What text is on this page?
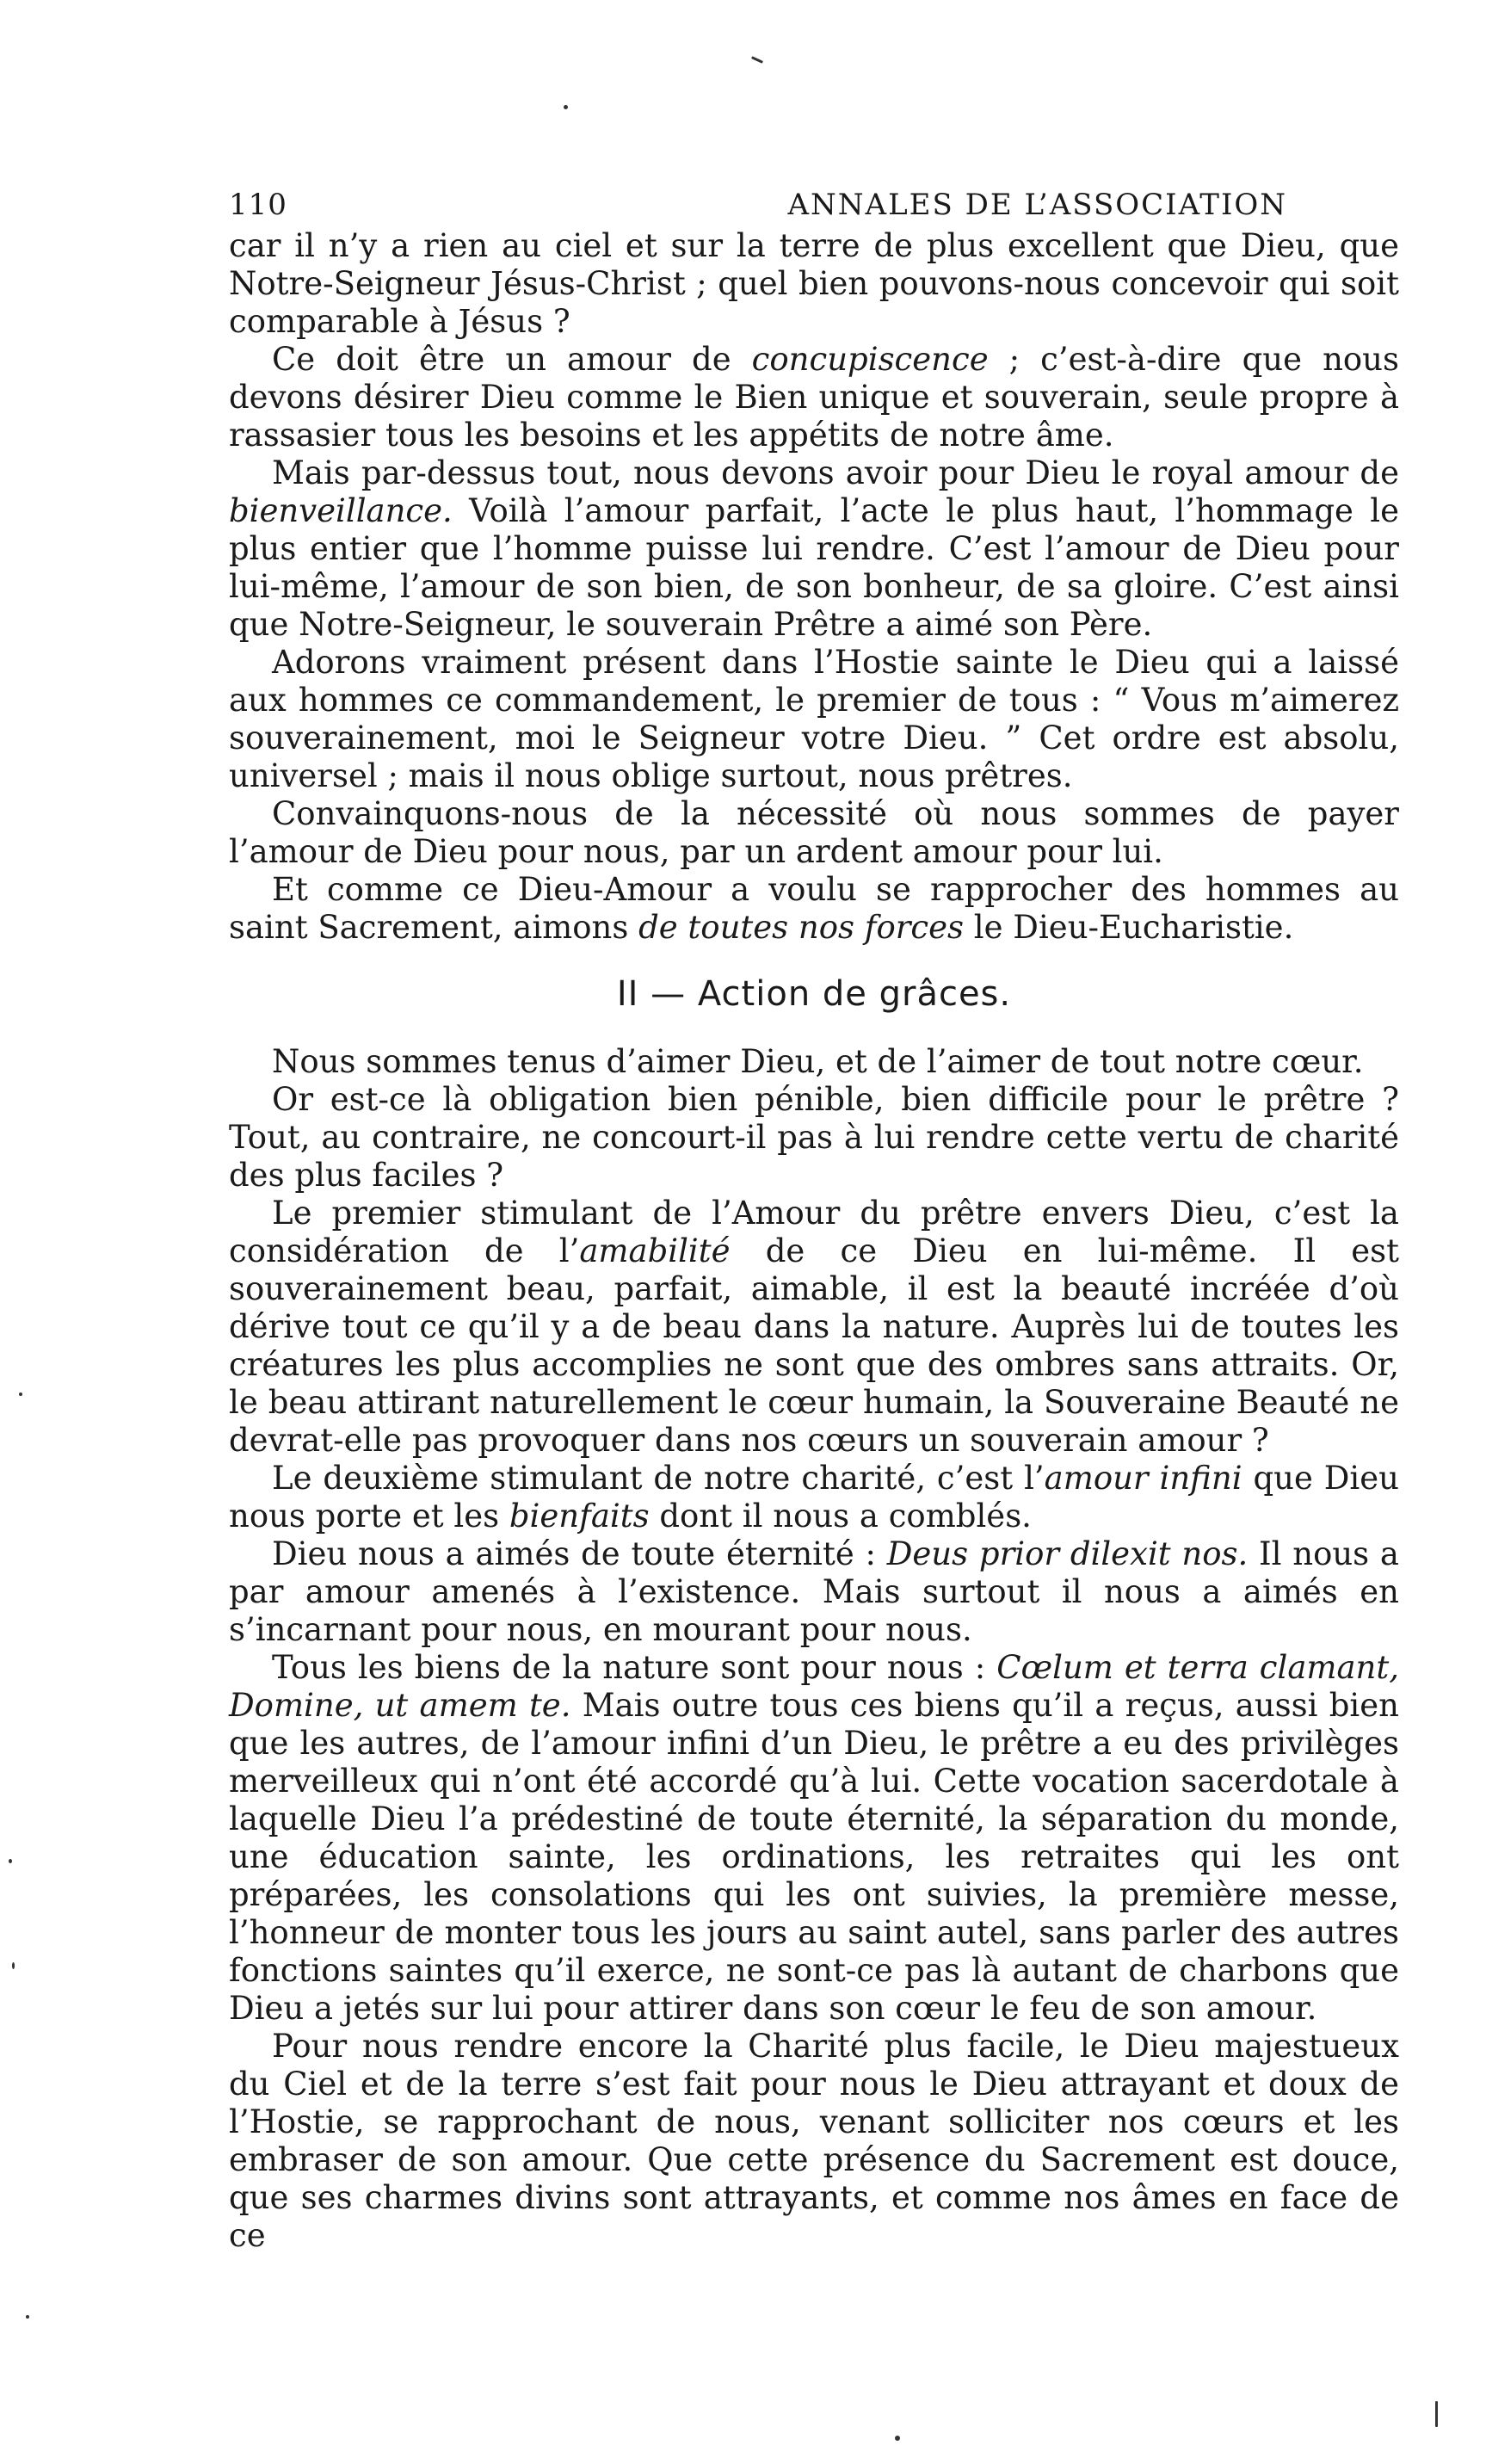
110	ANNALES DE L’ASSOCIATION

car il n’y a rien au ciel et sur la terre de plus excellent que Dieu, que Notre-Seigneur Jésus-Christ ; quel bien pouvons-nous concevoir qui soit comparable à Jésus ?

Ce doit être un amour de concupiscence ; c’est-à-dire que nous devons désirer Dieu comme le Bien unique et souverain, seule propre à rassasier tous les besoins et les appétits de notre âme.

Mais par-dessus tout, nous devons avoir pour Dieu le royal amour de bienveillance. Voilà l’amour parfait, l’acte le plus haut, l’hommage le plus entier que l’homme puisse lui rendre. C’est l’amour de Dieu pour lui-même, l’amour de son bien, de son bonheur, de sa gloire. C’est ainsi que Notre-Seigneur, le souverain Prêtre a aimé son Père.

Adorons vraiment présent dans l’Hostie sainte le Dieu qui a laissé aux hommes ce commandement, le premier de tous : “ Vous m’aimerez souverainement, moi le Seigneur votre Dieu. ” Cet ordre est absolu, universel ; mais il nous oblige surtout, nous prêtres.

Convainquons-nous de la nécessité où nous sommes de payer l’amour de Dieu pour nous, par un ardent amour pour lui.

Et comme ce Dieu-Amour a voulu se rapprocher des hommes au saint Sacrement, aimons de toutes nos forces le Dieu-Eucharistie.

II — Action de grâces.

Nous sommes tenus d’aimer Dieu, et de l’aimer de tout notre cœur.

Or est-ce là obligation bien pénible, bien difficile pour le prêtre ? Tout, au contraire, ne concourt-il pas à lui rendre cette vertu de charité des plus faciles ?

Le premier stimulant de l’Amour du prêtre envers Dieu, c’est la considération de l’amabilité de ce Dieu en lui-même. Il est souverainement beau, parfait, aimable, il est la beauté incréée d’où dérive tout ce qu’il y a de beau dans la nature. Auprès lui de toutes les créatures les plus accomplies ne sont que des ombres sans attraits. Or, le beau attirant naturellement le cœur humain, la Souveraine Beauté ne devrat-elle pas provoquer dans nos cœurs un souverain amour ?

Le deuxième stimulant de notre charité, c’est l’amour infini que Dieu nous porte et les bienfaits dont il nous a comblés.

Dieu nous a aimés de toute éternité : Deus prior dilexit nos. Il nous a par amour amenés à l’existence. Mais surtout il nous a aimés en s’incarnant pour nous, en mourant pour nous.

Tous les biens de la nature sont pour nous : Cœlum et terra clamant, Domine, ut amem te. Mais outre tous ces biens qu’il a reçus, aussi bien que les autres, de l’amour infini d’un Dieu, le prêtre a eu des privilèges merveilleux qui n’ont été accordé qu’à lui. Cette vocation sacerdotale à laquelle Dieu l’a prédestiné de toute éternité, la séparation du monde, une éducation sainte, les ordinations, les retraites qui les ont préparées, les consolations qui les ont suivies, la première messe, l’honneur de monter tous les jours au saint autel, sans parler des autres fonctions saintes qu’il exerce, ne sont-ce pas là autant de charbons que Dieu a jetés sur lui pour attirer dans son cœur le feu de son amour.

Pour nous rendre encore la Charité plus facile, le Dieu majestueux du Ciel et de la terre s’est fait pour nous le Dieu attrayant et doux de l’Hostie, se rapprochant de nous, venant solliciter nos cœurs et les embraser de son amour. Que cette présence du Sacrement est douce, que ses charmes divins sont attrayants, et comme nos âmes en face de ce
